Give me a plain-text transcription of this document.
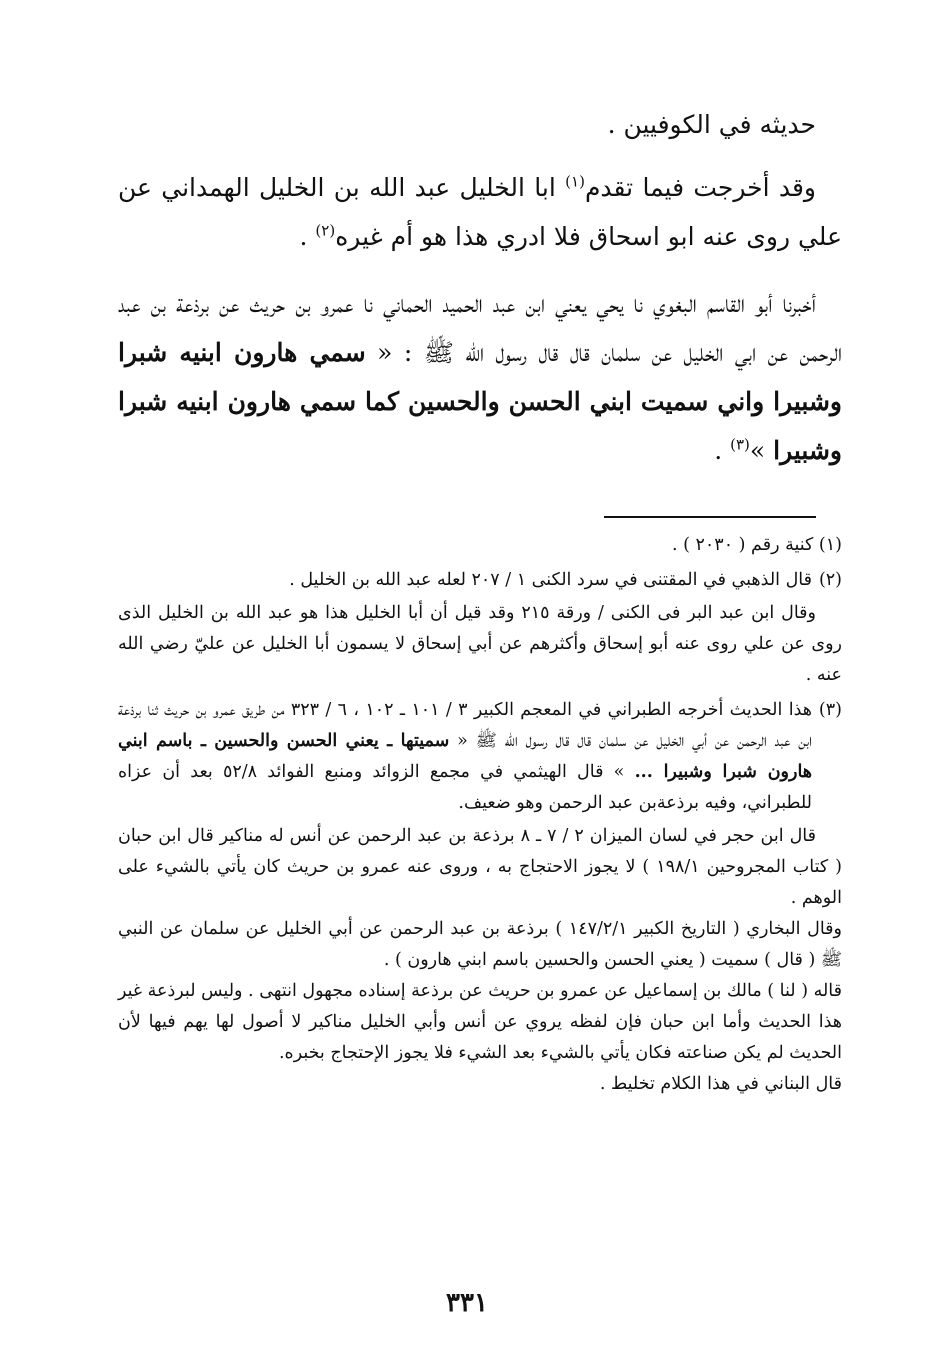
حديثه في الكوفيين .

وقد أخرجت فيما تقدم$^{(١)}$ ابا الخليل عبد الله بن الخليل الهمداني عن علي روى عنه ابو اسحاق فلا ادري هذا هو أم غيره$^{(٢)}$ .

أخبرنا أبو القاسم البغوي نا يحي يعني ابن عبد الحميد الحماني نا عمرو بن حريث عن برذعة بن عبد الرحمن عن ابي الخليل عن سلمان قال قال رسول الله ﷺ : « سمي هارون ابنيه شبرا وشبيرا واني سميت ابني الحسن والحسين كما سمي هارون ابنيه شبرا وشبيرا »$^{(٣)}$ .

(١) كنية رقم ( ٢٠٣٠ ) .

(٢)قال الذهبي في المقتنى في سرد الكنى ١ / ٢٠٧ لعله عبد الله بن الخليل .

وقال ابن عبد البر فى الكنى / ورقة ٢١٥ وقد قيل أن أبا الخليل هذا هو عبد الله بن الخليل الذى روى عن علي روى عنه أبو إسحاق وأكثرهم عن أبي إسحاق لا يسمون أبا الخليل عن عليّ رضي الله عنه .

(٣)هذا الحديث أخرجه الطبراني في المعجم الكبير ٣ / ١٠١ ـ ١٠٢ ، ٦ / ٣٢٣ من طريق عمرو بن حريث ثنا برذعة ابن عبد الرحمن عن أبي الخليل عن سلمان قال قال رسول الله ﷺ « سميتها ـ يعني الحسن والحسين ـ باسم ابني هارون شبرا وشبيرا ... » قال الهيثمي في مجمع الزوائد ومنبع الفوائد ٥٢/٨ بعد أن عزاه للطبراني، وفيه برذعةبن عبد الرحمن وهو ضعيف.

قال ابن حجر في لسان الميزان ٢ / ٧ ـ ٨ برذعة بن عبد الرحمن عن أنس له مناكير قال ابن حبان ( كتاب المجروحين ١٩٨/١ ) لا يجوز الاحتجاج به ، وروى عنه عمرو بن حريث كان يأتي بالشيء على الوهم .

وقال البخاري ( التاريخ الكبير ١٤٧/٢/١ ) برذعة بن عبد الرحمن عن أبي الخليل عن سلمان عن النبي ﷺ ( قال ) سميت ( يعني الحسن والحسين باسم ابني هارون ) .

قاله ( لنا ) مالك بن إسماعيل عن عمرو بن حريث عن برذعة إسناده مجهول انتهى . وليس لبرذعة غير هذا الحديث وأما ابن حبان فإن لفظه يروي عن أنس وأبي الخليل مناكير لا أصول لها يهم فيها لأن الحديث لم يكن صناعته فكان يأتي بالشيء بعد الشيء فلا يجوز الإحتجاج بخبره.

قال البناني في هذا الكلام تخليط .

٣٣١
